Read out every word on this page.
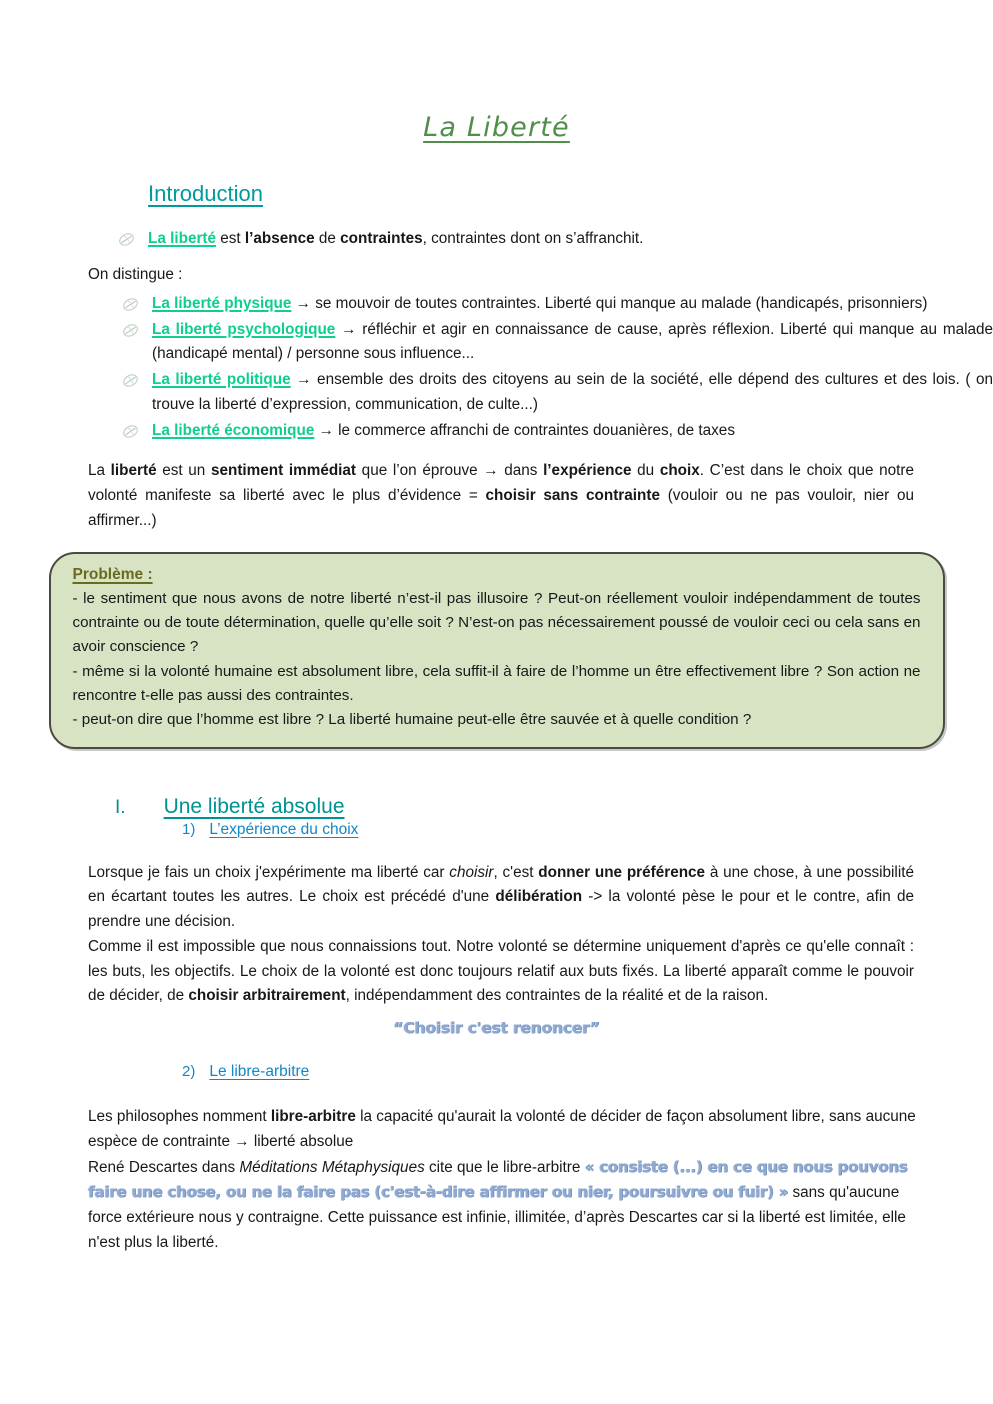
La Liberté
Introduction
La liberté est l’absence de contraintes, contraintes dont on s’affranchit.
On distingue :
La liberté physique → se mouvoir de toutes contraintes. Liberté qui manque au malade (handicapés, prisonniers)
La liberté psychologique → réfléchir et agir en connaissance de cause, après réflexion. Liberté qui manque au malade (handicapé mental) / personne sous influence...
La liberté politique → ensemble des droits des citoyens au sein de la société, elle dépend des cultures et des lois. ( on trouve la liberté d’expression, communication, de culte...)
La liberté économique → le commerce affranchi de contraintes douanières, de taxes
La liberté est un sentiment immédiat que l’on éprouve → dans l’expérience du choix. C’est dans le choix que notre volonté manifeste sa liberté avec le plus d’évidence = choisir sans contrainte (vouloir ou ne pas vouloir, nier ou affirmer...)
Problème :
- le sentiment que nous avons de notre liberté n’est-il pas illusoire ? Peut-on réellement vouloir indépendamment de toutes contrainte ou de toute détermination, quelle qu’elle soit ? N’est-on pas nécessairement poussé de vouloir ceci ou cela sans en avoir conscience ?
- même si la volonté humaine est absolument libre, cela suffit-il à faire de l’homme un être effectivement libre ? Son action ne rencontre t-elle pas aussi des contraintes.
- peut-on dire que l’homme est libre ? La liberté humaine peut-elle être sauvée et à quelle condition ?
I. Une liberté absolue
1) L’expérience du choix
Lorsque je fais un choix j'expérimente ma liberté car choisir, c'est donner une préférence à une chose, à une possibilité en écartant toutes les autres. Le choix est précédé d'une délibération -> la volonté pèse le pour et le contre, afin de prendre une décision.
Comme il est impossible que nous connaissions tout. Notre volonté se détermine uniquement d'après ce qu'elle connaît : les buts, les objectifs. Le choix de la volonté est donc toujours relatif aux buts fixés. La liberté apparaît comme le pouvoir de décider, de choisir arbitrairement, indépendamment des contraintes de la réalité et de la raison.
“Choisir c'est renoncer”
2) Le libre-arbitre
Les philosophes nomment libre-arbitre la capacité qu'aurait la volonté de décider de façon absolument libre, sans aucune espèce de contrainte → liberté absolue
René Descartes dans Méditations Métaphysiques cite que le libre-arbitre « consiste (...) en ce que nous pouvons faire une chose, ou ne la faire pas (c'est-à-dire affirmer ou nier, poursuivre ou fuir) » sans qu'aucune force extérieure nous y contraigne. Cette puissance est infinie, illimitée, d’après Descartes car si la liberté est limitée, elle n'est plus la liberté.
